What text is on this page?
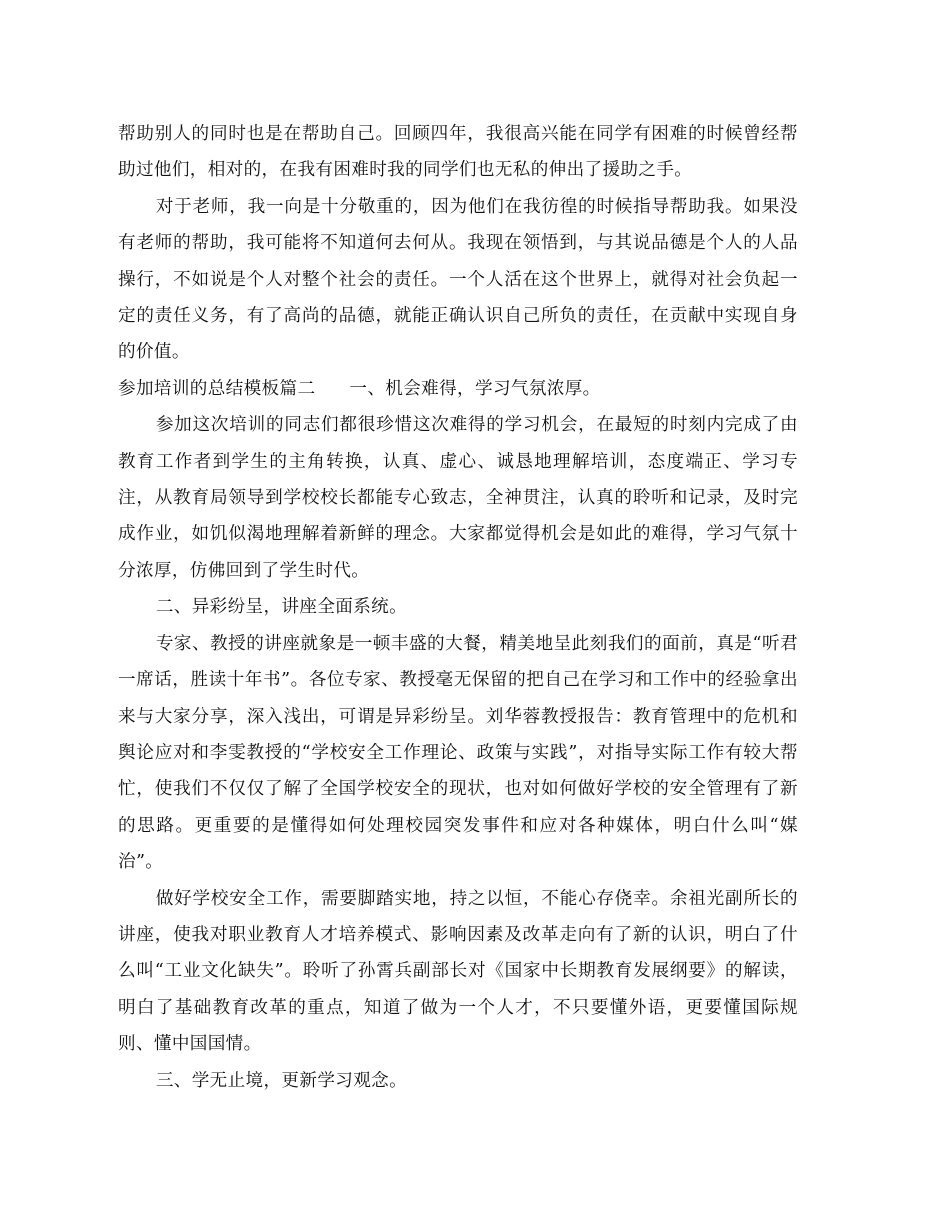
帮助别人的同时也是在帮助自己。回顾四年，我很高兴能在同学有困难的时候曾经帮助过他们，相对的，在我有困难时我的同学们也无私的伸出了援助之手。

对于老师，我一向是十分敬重的，因为他们在我彷徨的时候指导帮助我。如果没有老师的帮助，我可能将不知道何去何从。我现在领悟到，与其说品德是个人的人品操行，不如说是个人对整个社会的责任。一个人活在这个世界上，就得对社会负起一定的责任义务，有了高尚的品德，就能正确认识自己所负的责任，在贡献中实现自身的价值。

参加培训的总结模板篇二 一、机会难得，学习气氛浓厚。

参加这次培训的同志们都很珍惜这次难得的学习机会，在最短的时刻内完成了由教育工作者到学生的主角转换，认真、虚心、诚恳地理解培训，态度端正、学习专注，从教育局领导到学校校长都能专心致志，全神贯注，认真的聆听和记录，及时完成作业，如饥似渴地理解着新鲜的理念。大家都觉得机会是如此的难得，学习气氛十分浓厚，仿佛回到了学生时代。

二、异彩纷呈，讲座全面系统。

专家、教授的讲座就象是一顿丰盛的大餐，精美地呈此刻我们的面前，真是“听君一席话，胜读十年书”。各位专家、教授毫无保留的把自己在学习和工作中的经验拿出来与大家分享，深入浅出，可谓是异彩纷呈。刘华蓉教授报告：教育管理中的危机和舆论应对和李雯教授的“学校安全工作理论、政策与实践”，对指导实际工作有较大帮忙，使我们不仅仅了解了全国学校安全的现状，也对如何做好学校的安全管理有了新的思路。更重要的是懂得如何处理校园突发事件和应对各种媒体，明白什么叫“媒治”。

做好学校安全工作，需要脚踏实地，持之以恒，不能心存侥幸。余祖光副所长的讲座，使我对职业教育人才培养模式、影响因素及改革走向有了新的认识，明白了什么叫“工业文化缺失”。聆听了孙霄兵副部长对《国家中长期教育发展纲要》的解读，明白了基础教育改革的重点，知道了做为一个人才，不只要懂外语，更要懂国际规则、懂中国国情。

三、学无止境，更新学习观念。
